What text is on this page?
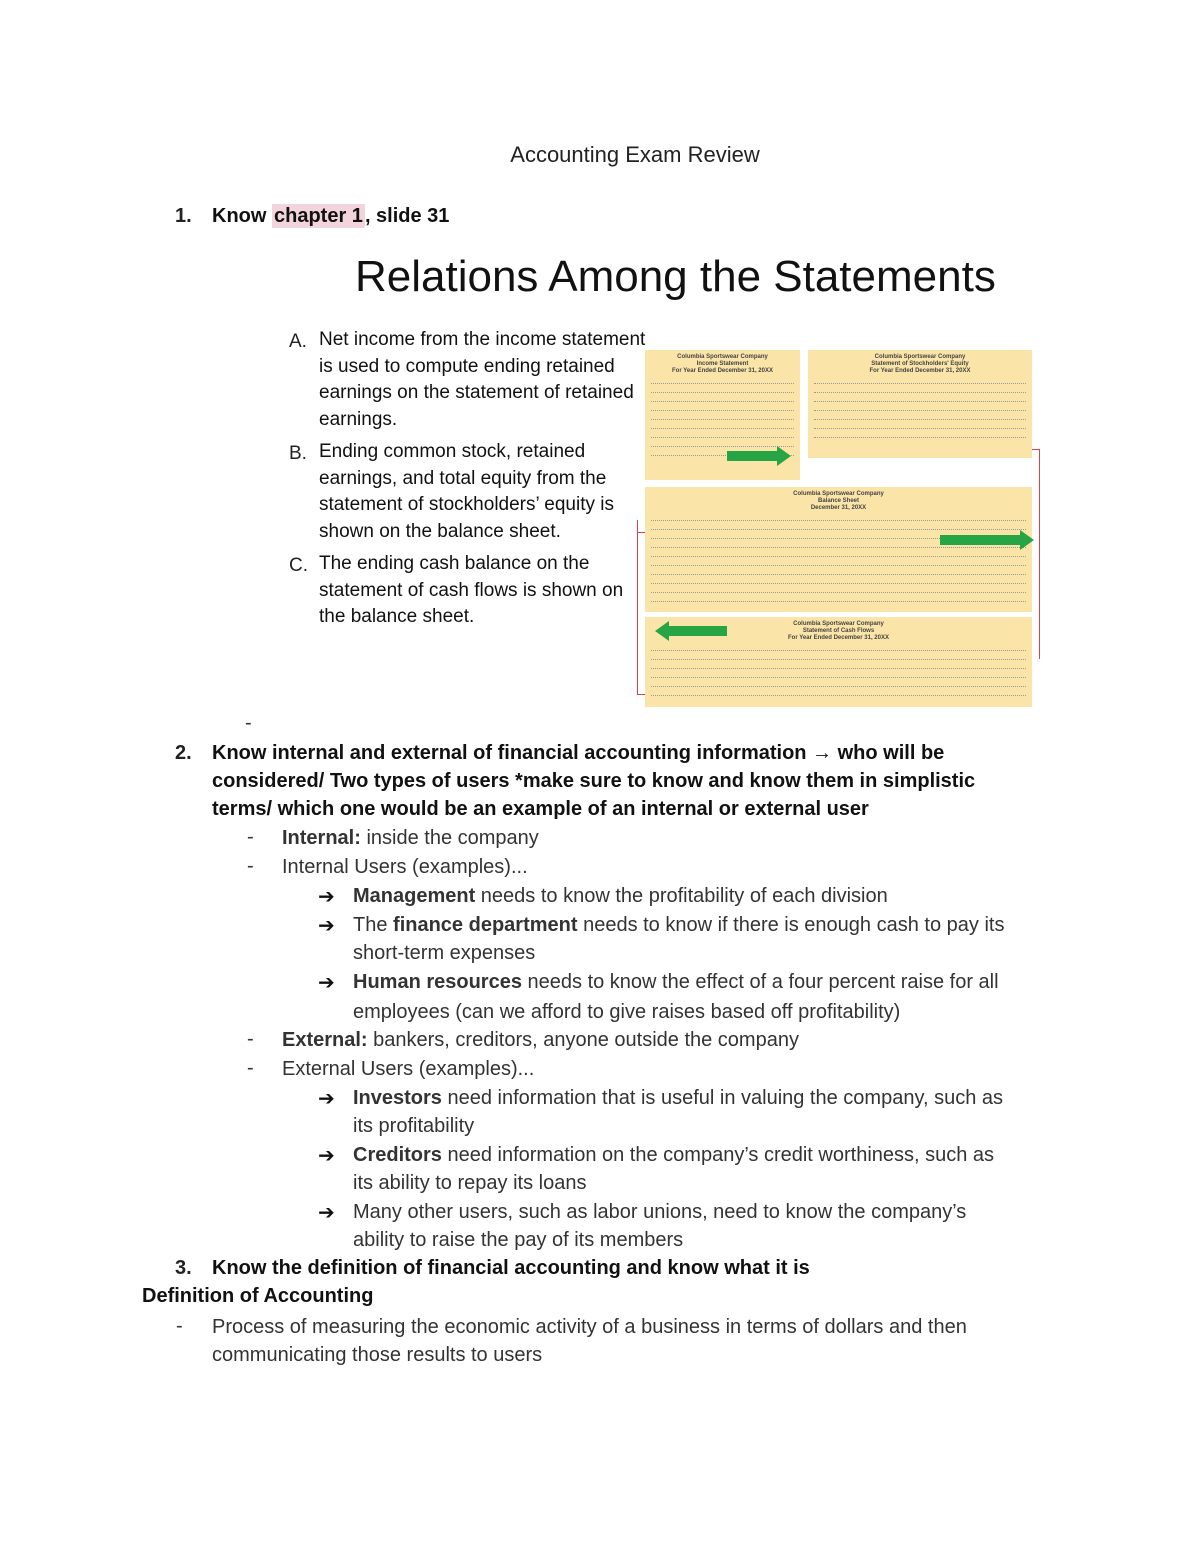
Accounting Exam Review
1. Know chapter 1 , slide 31
Relations Among the Statements
A. Net income from the income statement is used to compute ending retained earnings on the statement of retained earnings.
B. Ending common stock, retained earnings, and total equity from the statement of stockholders’ equity is shown on the balance sheet.
C. The ending cash balance on the statement of cash flows is shown on the balance sheet.
Columbia Sportswear Company
Income Statement
For Year Ended December 31, 20XX
Columbia Sportswear Company
Statement of Stockholders' Equity
For Year Ended December 31, 20XX
Columbia Sportswear Company
Balance Sheet
December 31, 20XX
Columbia Sportswear Company
Statement of Cash Flows
For Year Ended December 31, 20XX
-
2. Know internal and external of financial accounting information → who will be
considered/ Two types of users *make sure to know and know them in simplistic
terms/ which one would be an example of an internal or external user
- Internal: inside the company
- Internal Users (examples)...
➔ Management needs to know the profitability of each division
➔ The finance department needs to know if there is enough cash to pay its
short-term expenses
➔ Human resources needs to know the effect of a four percent raise for all
employees (can we afford to give raises based off profitability)
- External: bankers, creditors, anyone outside the company
- External Users (examples)...
➔ Investors need information that is useful in valuing the company, such as
its profitability
➔ Creditors need information on the company’s credit worthiness, such as
its ability to repay its loans
➔ Many other users, such as labor unions, need to know the company’s
ability to raise the pay of its members
3. Know the definition of financial accounting and know what it is
Definition of Accounting
- Process of measuring the economic activity of a business in terms of dollars and then
communicating those results to users
